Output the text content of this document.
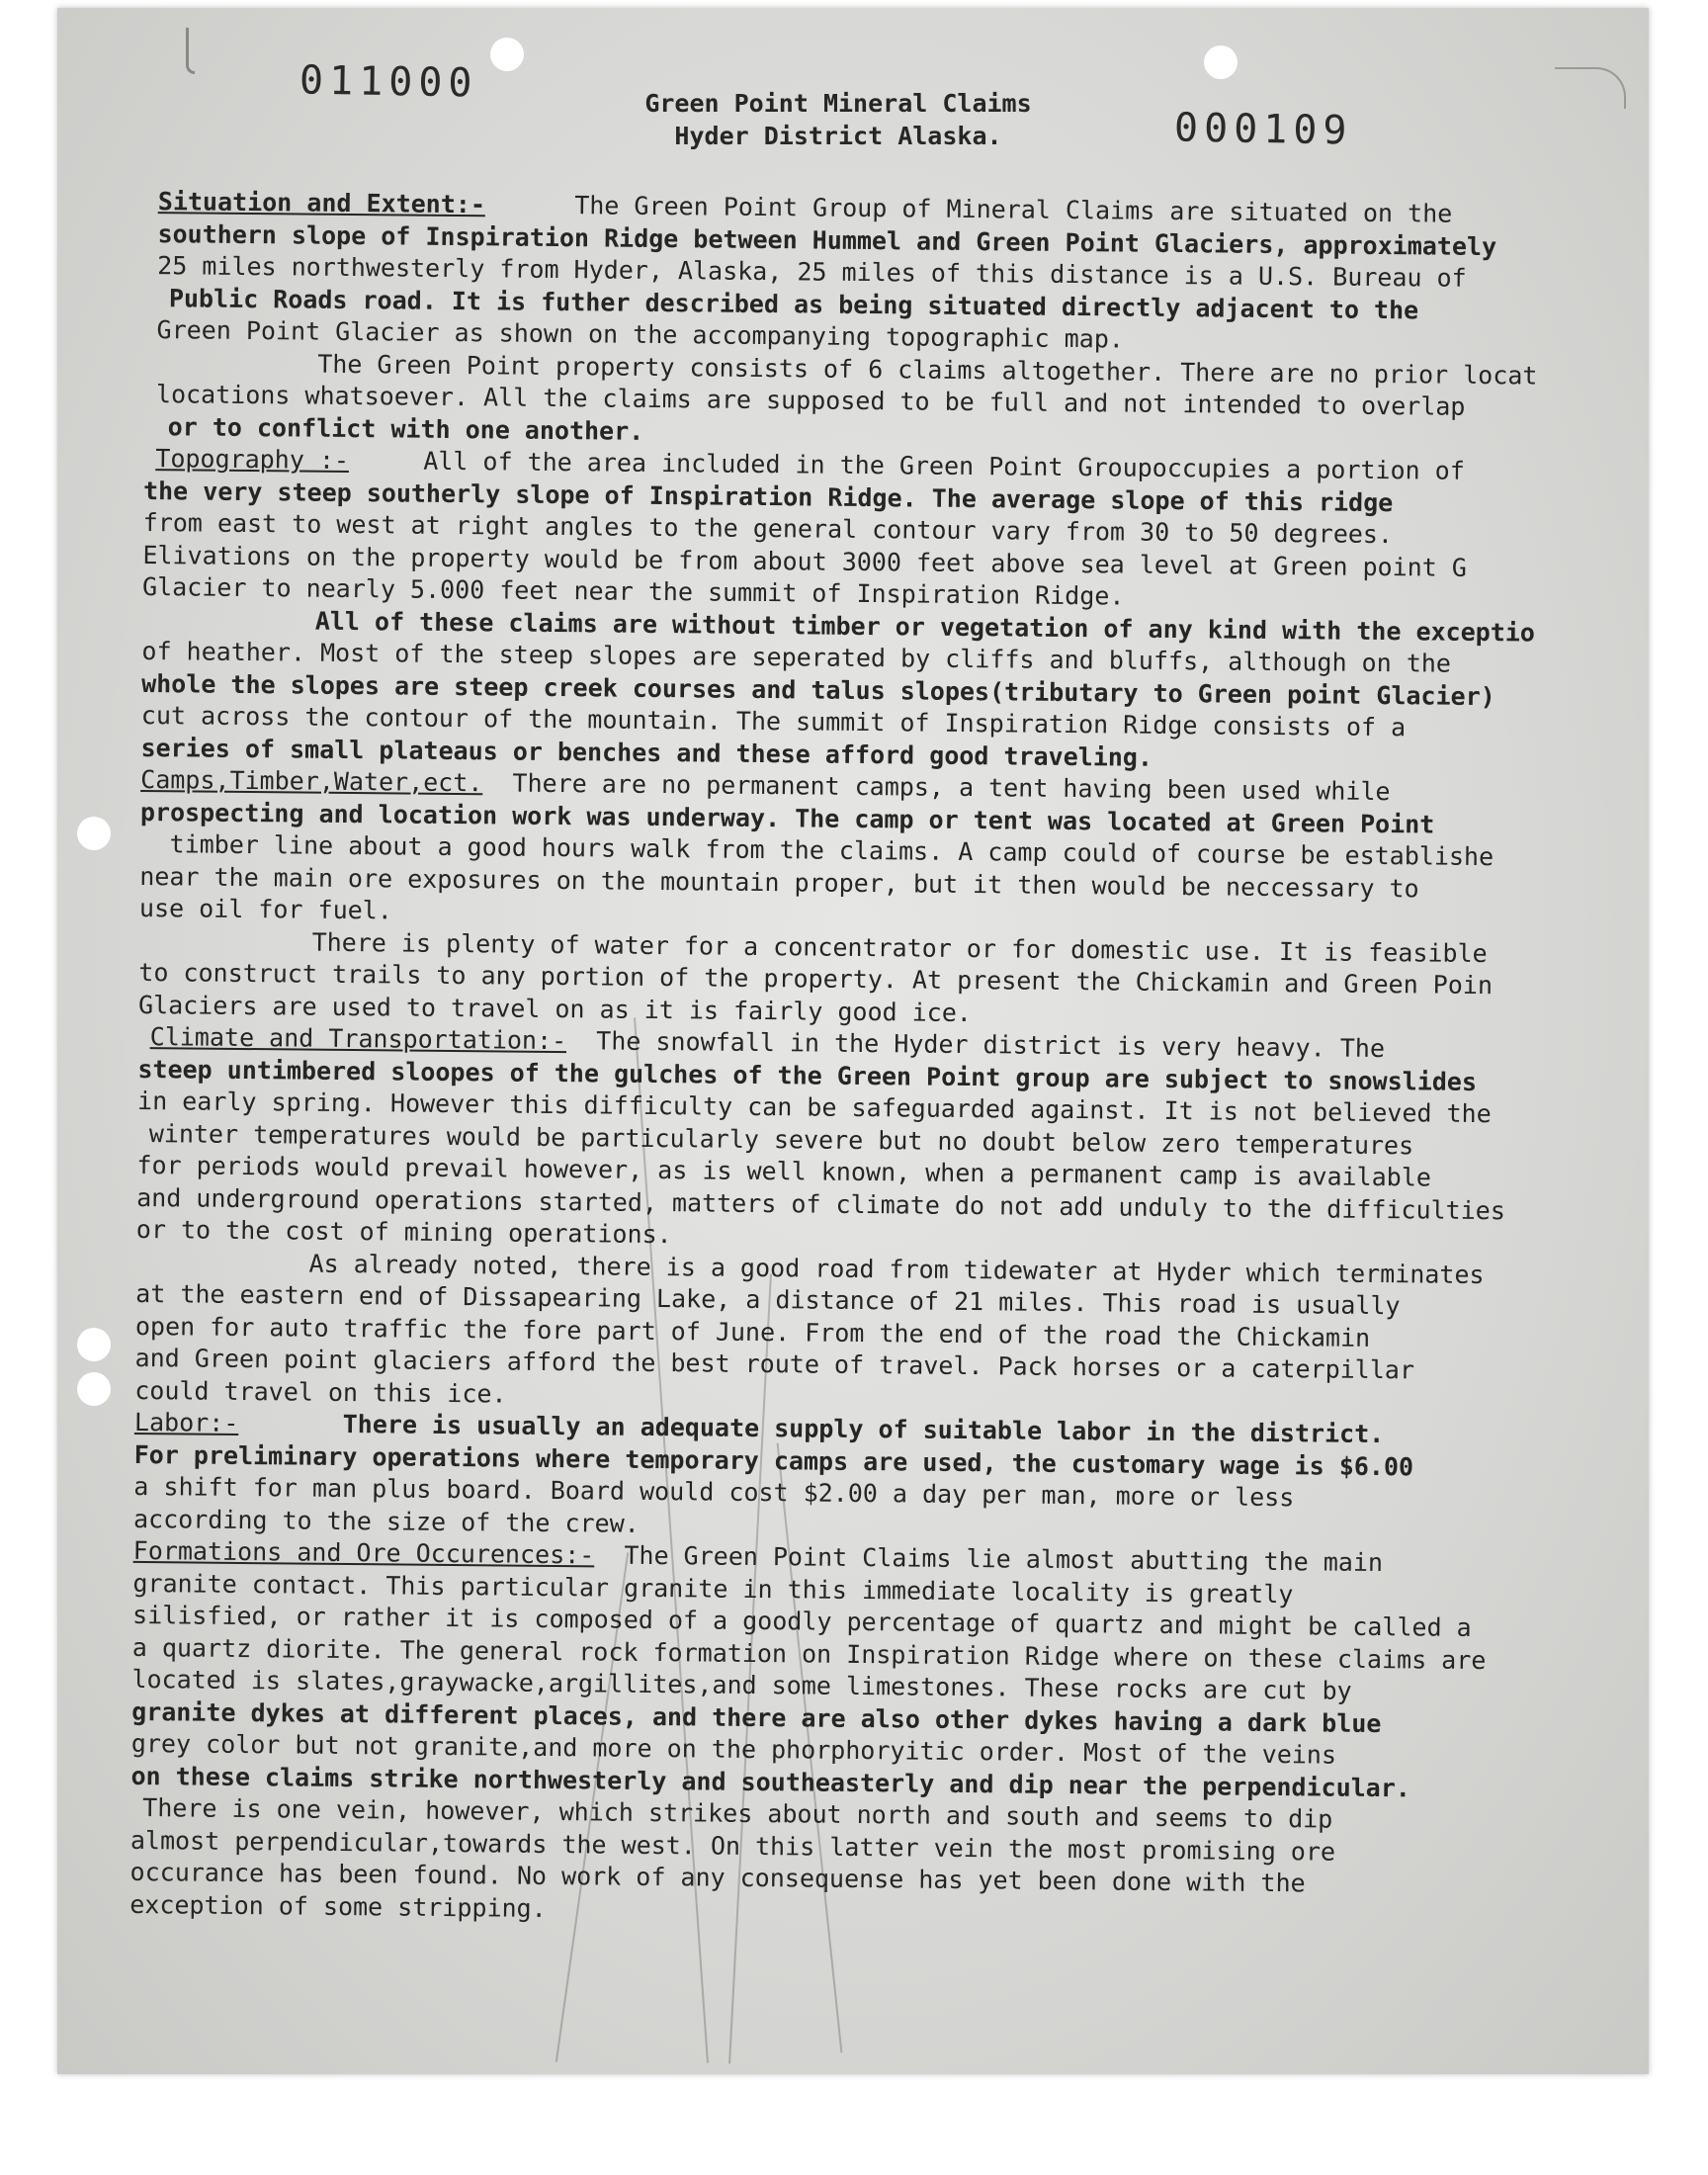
011000
000109
Green Point Mineral Claims
Hyder District Alaska.
Situation and Extent:-	The Green Point Group of Mineral Claims are situated on the
southern slope of Inspiration Ridge between Hummel and Green Point Glaciers, approximately
25 miles northwesterly from Hyder, Alaska, 25 miles of this distance is a U.S. Bureau of
Public Roads road. It is futher described as being situated directly adjacent to the
Green Point Glacier as shown on the accompanying topographic map.
The Green Point property consists of 6 claims altogether. There are no prior locat
locations whatsoever. All the claims are supposed to be full and not intended to overlap
or to conflict with one another.
Topography :-	All of the area included in the Green Point Groupoccupies a portion of
the very steep southerly slope of Inspiration Ridge. The average slope of this ridge
from east to west at right angles to the general contour vary from 30 to 50 degrees.
Elivations on the property would be from about 3000 feet above sea level at Green point G
Glacier to nearly 5.000 feet near the summit of Inspiration Ridge.
All of these claims are without timber or vegetation of any kind with the exceptio
of heather. Most of the steep slopes are seperated by cliffs and bluffs, although on the
whole the slopes are steep creek courses and talus slopes(tributary to Green point Glacier)
cut across the contour of the mountain. The summit of Inspiration Ridge consists of a
series of small plateaus or benches and these afford good traveling.
Camps,Timber,Water,ect. There are no permanent camps, a tent having been used while
prospecting and location work was underway. The camp or tent was located at Green Point
timber line about a good hours walk from the claims. A camp could of course be establishe
near the main ore exposures on the mountain proper, but it then would be neccessary to
use oil for fuel.
There is plenty of water for a concentrator or for domestic use. It is feasible
to construct trails to any portion of the property. At present the Chickamin and Green Poin
Glaciers are used to travel on as it is fairly good ice.
Climate and Transportation:- The snowfall in the Hyder district is very heavy. The
steep untimbered sloopes of the gulches of the Green Point group are subject to snowslides
in early spring. However this difficulty can be safeguarded against. It is not believed the
winter temperatures would be particularly severe but no doubt below zero temperatures
for periods would prevail however, as is well known, when a permanent camp is available
and underground operations started, matters of climate do not add unduly to the difficulties
or to the cost of mining operations.
As already noted, there is a good road from tidewater at Hyder which terminates
at the eastern end of Dissapearing Lake, a distance of 21 miles. This road is usually
open for auto traffic the fore part of June. From the end of the road the Chickamin
and Green point glaciers afford the best route of travel. Pack horses or a caterpillar
could travel on this ice.
Labor:-	There is usually an adequate supply of suitable labor in the district.
For preliminary operations where temporary camps are used, the customary wage is $6.00
a shift for man plus board. Board would cost $2.00 a day per man, more or less
according to the size of the crew.
Formations and Ore Occurences:- The Green Point Claims lie almost abutting the main
granite contact. This particular granite in this immediate locality is greatly
silisfied, or rather it is composed of a goodly percentage of quartz and might be called a
a quartz diorite. The general rock formation on Inspiration Ridge where on these claims are
located is slates,graywacke,argillites,and some limestones. These rocks are cut by
granite dykes at different places, and there are also other dykes having a dark blue
grey color but not granite,and more on the phorphoryitic order. Most of the veins
on these claims strike northwesterly and southeasterly and dip near the perpendicular.
There is one vein, however, which strikes about north and south and seems to dip
almost perpendicular,towards the west. On this latter vein the most promising ore
occurance has been found. No work of any consequense has yet been done with the
exception of some stripping.
